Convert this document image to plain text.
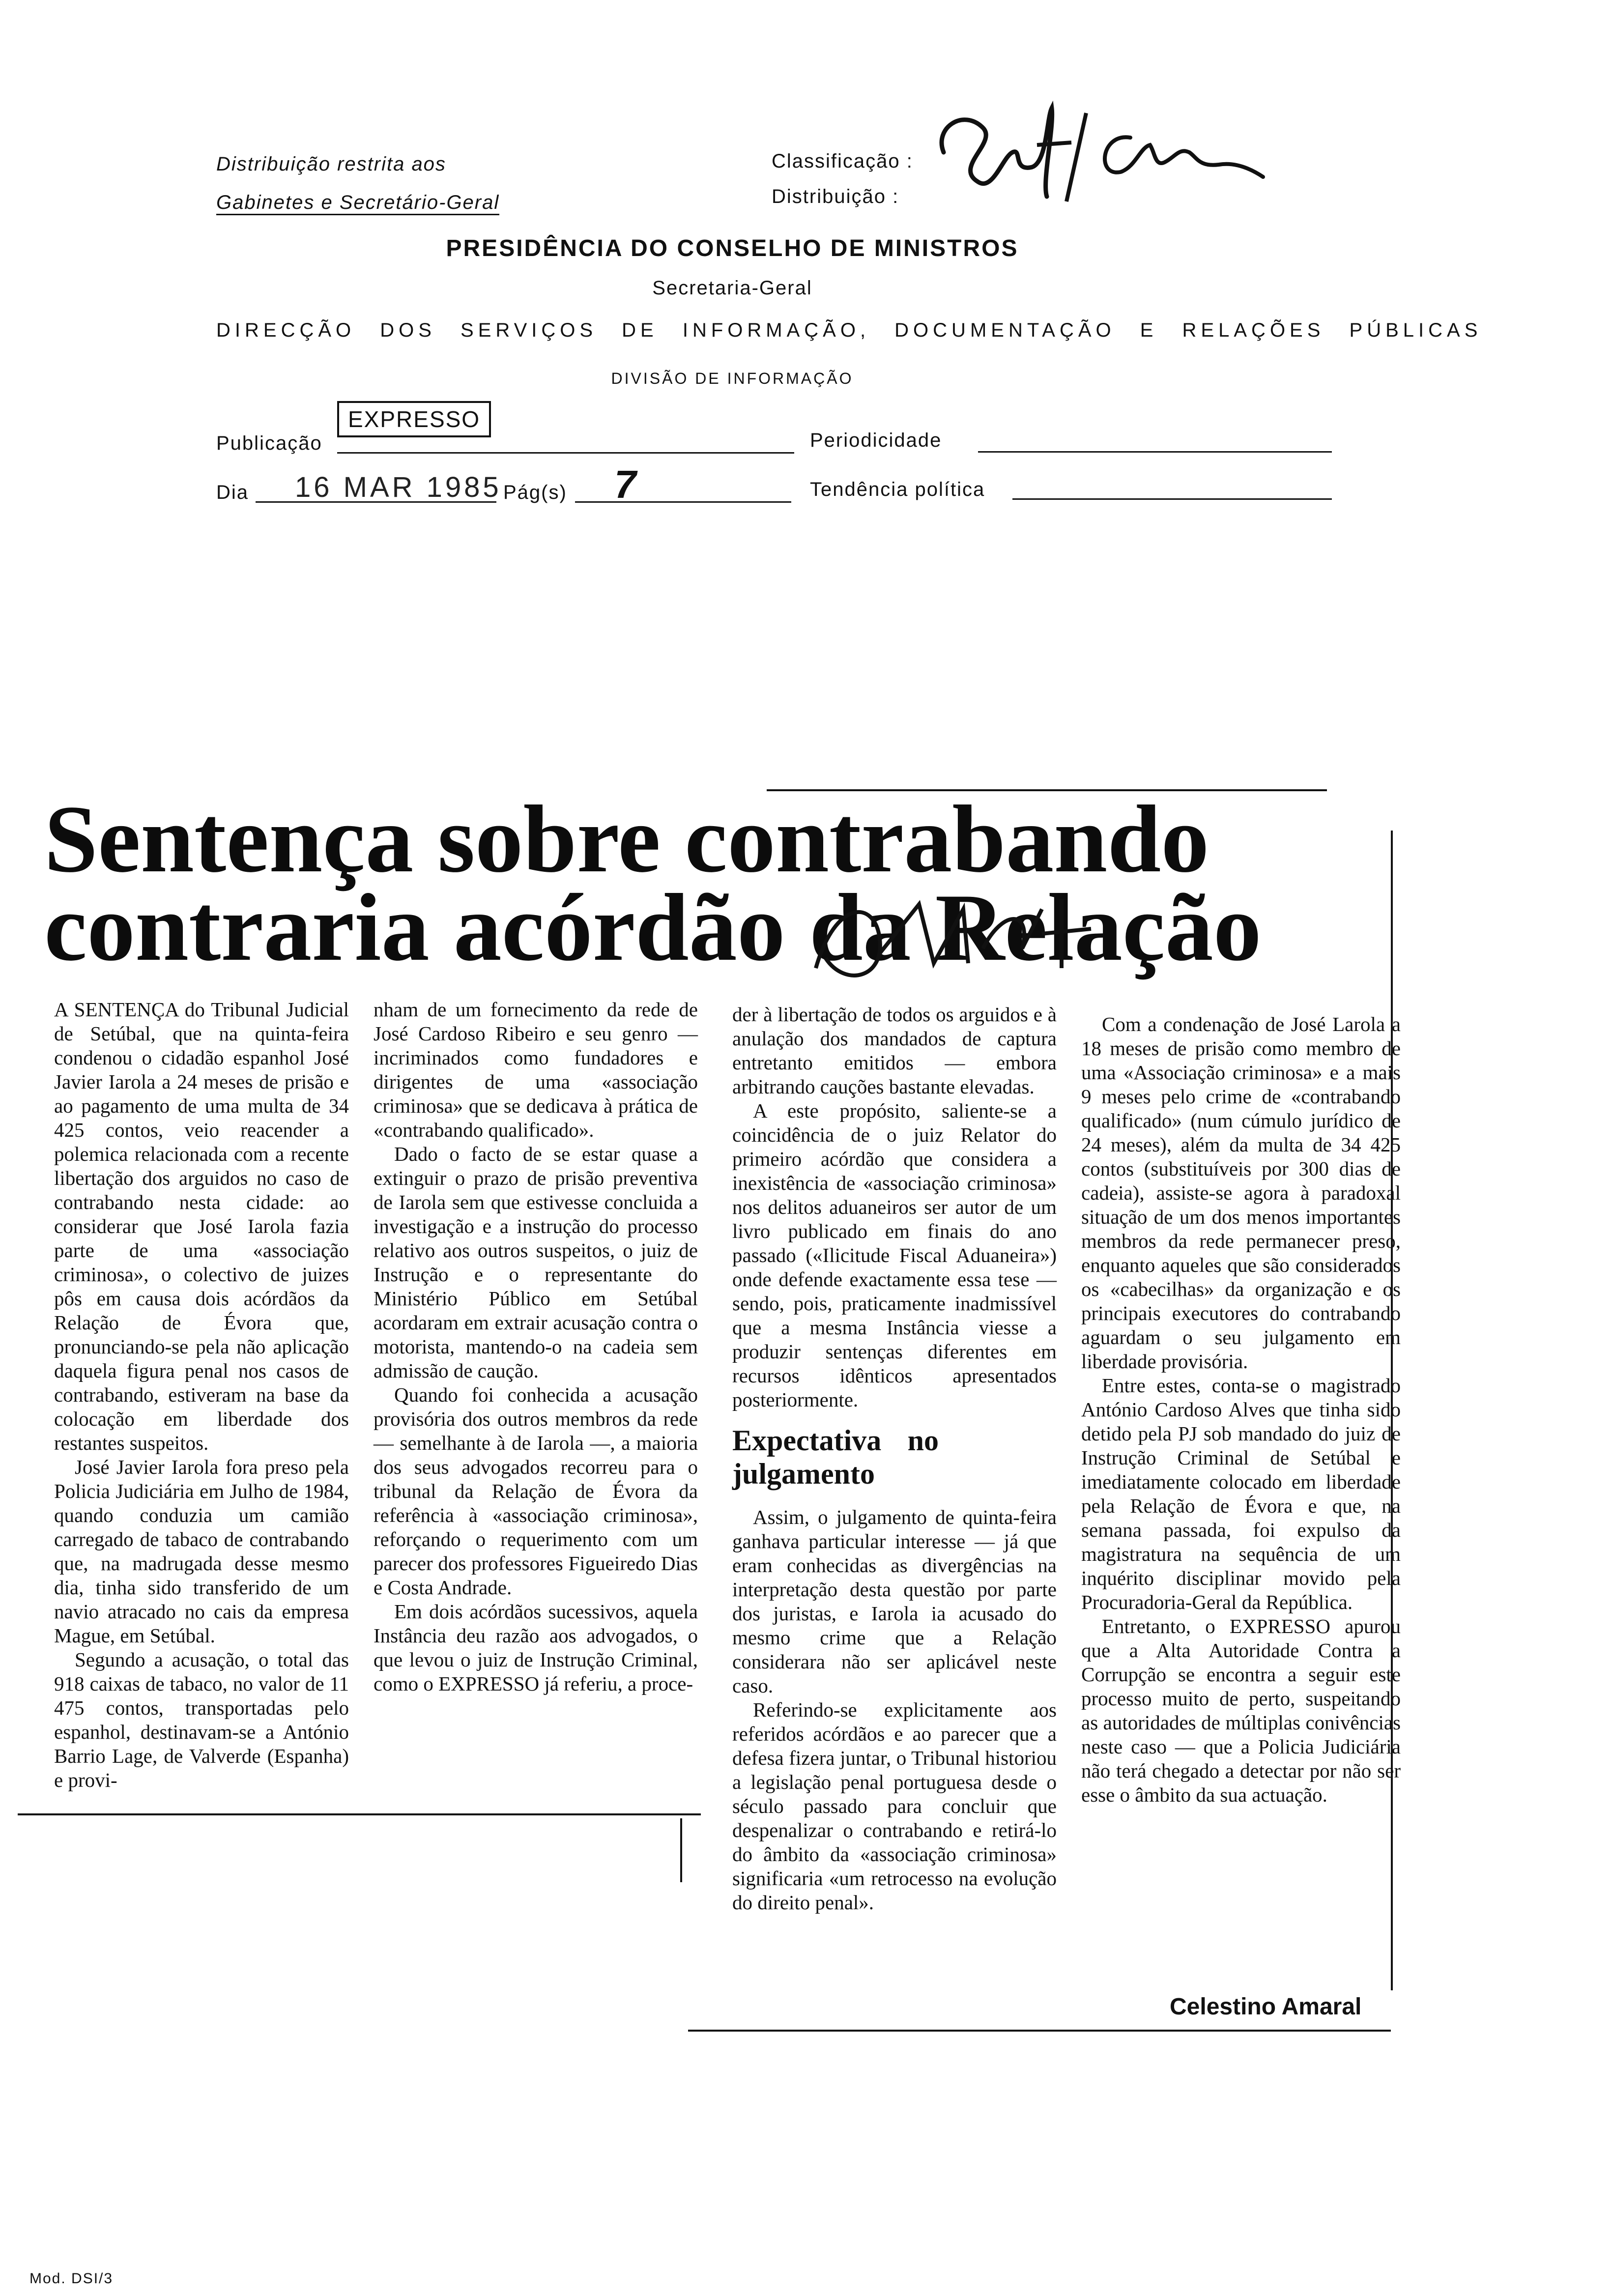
Distribuição restrita aos
Gabinetes e Secretário-Geral
Classificação :
Distribuição :
PRESIDÊNCIA DO CONSELHO DE MINISTROS
Secretaria-Geral
DIRECÇÃO DOS SERVIÇOS DE INFORMAÇÃO, DOCUMENTAÇÃO E RELAÇÕES PÚBLICAS
DIVISÃO DE INFORMAÇÃO
Publicação
EXPRESSO
Periodicidade
Dia 16 MAR 1985 Pág(s) 7	Tendência política
Sentença sobre contrabando
contraria acórdão da Relação

A SENTENÇA do Tribunal Judicial de Setúbal, que na quinta-feira condenou o cidadão espanhol José Javier Iarola a 24 meses de prisão e ao pagamento de uma multa de 34 425 contos, veio reacender a polemica relacionada com a recente libertação dos arguidos no caso de contrabando nesta cidade: ao considerar que José Iarola fazia parte de uma «associação criminosa», o colectivo de juizes pôs em causa dois acórdãos da Relação de Évora que, pronunciando-se pela não aplicação daquela figura penal nos casos de contrabando, estiveram na base da colocação em liberdade dos restantes suspeitos.

José Javier Iarola fora preso pela Policia Judiciária em Julho de 1984, quando conduzia um camião carregado de tabaco de contrabando que, na madrugada desse mesmo dia, tinha sido transferido de um navio atracado no cais da empresa Mague, em Setúbal.

Segundo a acusação, o total das 918 caixas de tabaco, no valor de 11 475 contos, transportadas pelo espanhol, destinavam-se a António Barrio Lage, de Valverde (Espanha) e provi-

nham de um fornecimento da rede de José Cardoso Ribeiro e seu genro — incriminados como fundadores e dirigentes de uma «associação criminosa» que se dedicava à prática de «contrabando qualificado».

Dado o facto de se estar quase a extinguir o prazo de prisão preventiva de Iarola sem que estivesse concluida a investigação e a instrução do processo relativo aos outros suspeitos, o juiz de Instrução e o representante do Ministério Público em Setúbal acordaram em extrair acusação contra o motorista, mantendo-o na cadeia sem admissão de caução.

Quando foi conhecida a acusação provisória dos outros membros da rede — semelhante à de Iarola —, a maioria dos seus advogados recorreu para o tribunal da Relação de Évora da referência à «associação criminosa», reforçando o requerimento com um parecer dos professores Figueiredo Dias e Costa Andrade.

Em dois acórdãos sucessivos, aquela Instância deu razão aos advogados, o que levou o juiz de Instrução Criminal, como o EXPRESSO já referiu, a proce-

der à libertação de todos os arguidos e à anulação dos mandados de captura entretanto emitidos — embora arbitrando cauções bastante elevadas.

A este propósito, saliente-se a coincidência de o juiz Relator do primeiro acórdão que considera a inexistência de «associação criminosa» nos delitos aduaneiros ser autor de um livro publicado em finais do ano passado («Ilicitude Fiscal Aduaneira») onde defende exactamente essa tese — sendo, pois, praticamente inadmissível que a mesma Instância viesse a produzir sentenças diferentes em recursos idênticos apresentados posteriormente.

Expectativa no julgamento

Assim, o julgamento de quinta-feira ganhava particular interesse — já que eram conhecidas as divergências na interpretação desta questão por parte dos juristas, e Iarola ia acusado do mesmo crime que a Relação considerara não ser aplicável neste caso.

Referindo-se explicitamente aos referidos acórdãos e ao parecer que a defesa fizera juntar, o Tribunal historiou a legislação penal portuguesa desde o século passado para concluir que despenalizar o contrabando e retirá-lo do âmbito da «associação criminosa» significaria «um retrocesso na evolução do direito penal».

Com a condenação de José Larola a 18 meses de prisão como membro de uma «Associação criminosa» e a mais 9 meses pelo crime de «contrabando qualificado» (num cúmulo jurídico de 24 meses), além da multa de 34 425 contos (substituíveis por 300 dias de cadeia), assiste-se agora à paradoxal situação de um dos menos importantes membros da rede permanecer preso, enquanto aqueles que são considerados os «cabecilhas» da organização e os principais executores do contrabando aguardam o seu julgamento em liberdade provisória.

Entre estes, conta-se o magistrado António Cardoso Alves que tinha sido detido pela PJ sob mandado do juiz de Instrução Criminal de Setúbal e imediatamente colocado em liberdade pela Relação de Évora e que, na semana passada, foi expulso da magistratura na sequência de um inquérito disciplinar movido pela Procuradoria-Geral da República.

Entretanto, o EXPRESSO apurou que a Alta Autoridade Contra a Corrupção se encontra a seguir este processo muito de perto, suspeitando as autoridades de múltiplas conivências neste caso — que a Policia Judiciária não terá chegado a detectar por não ser esse o âmbito da sua actuação.

Celestino Amaral
Mod. DSI/3
